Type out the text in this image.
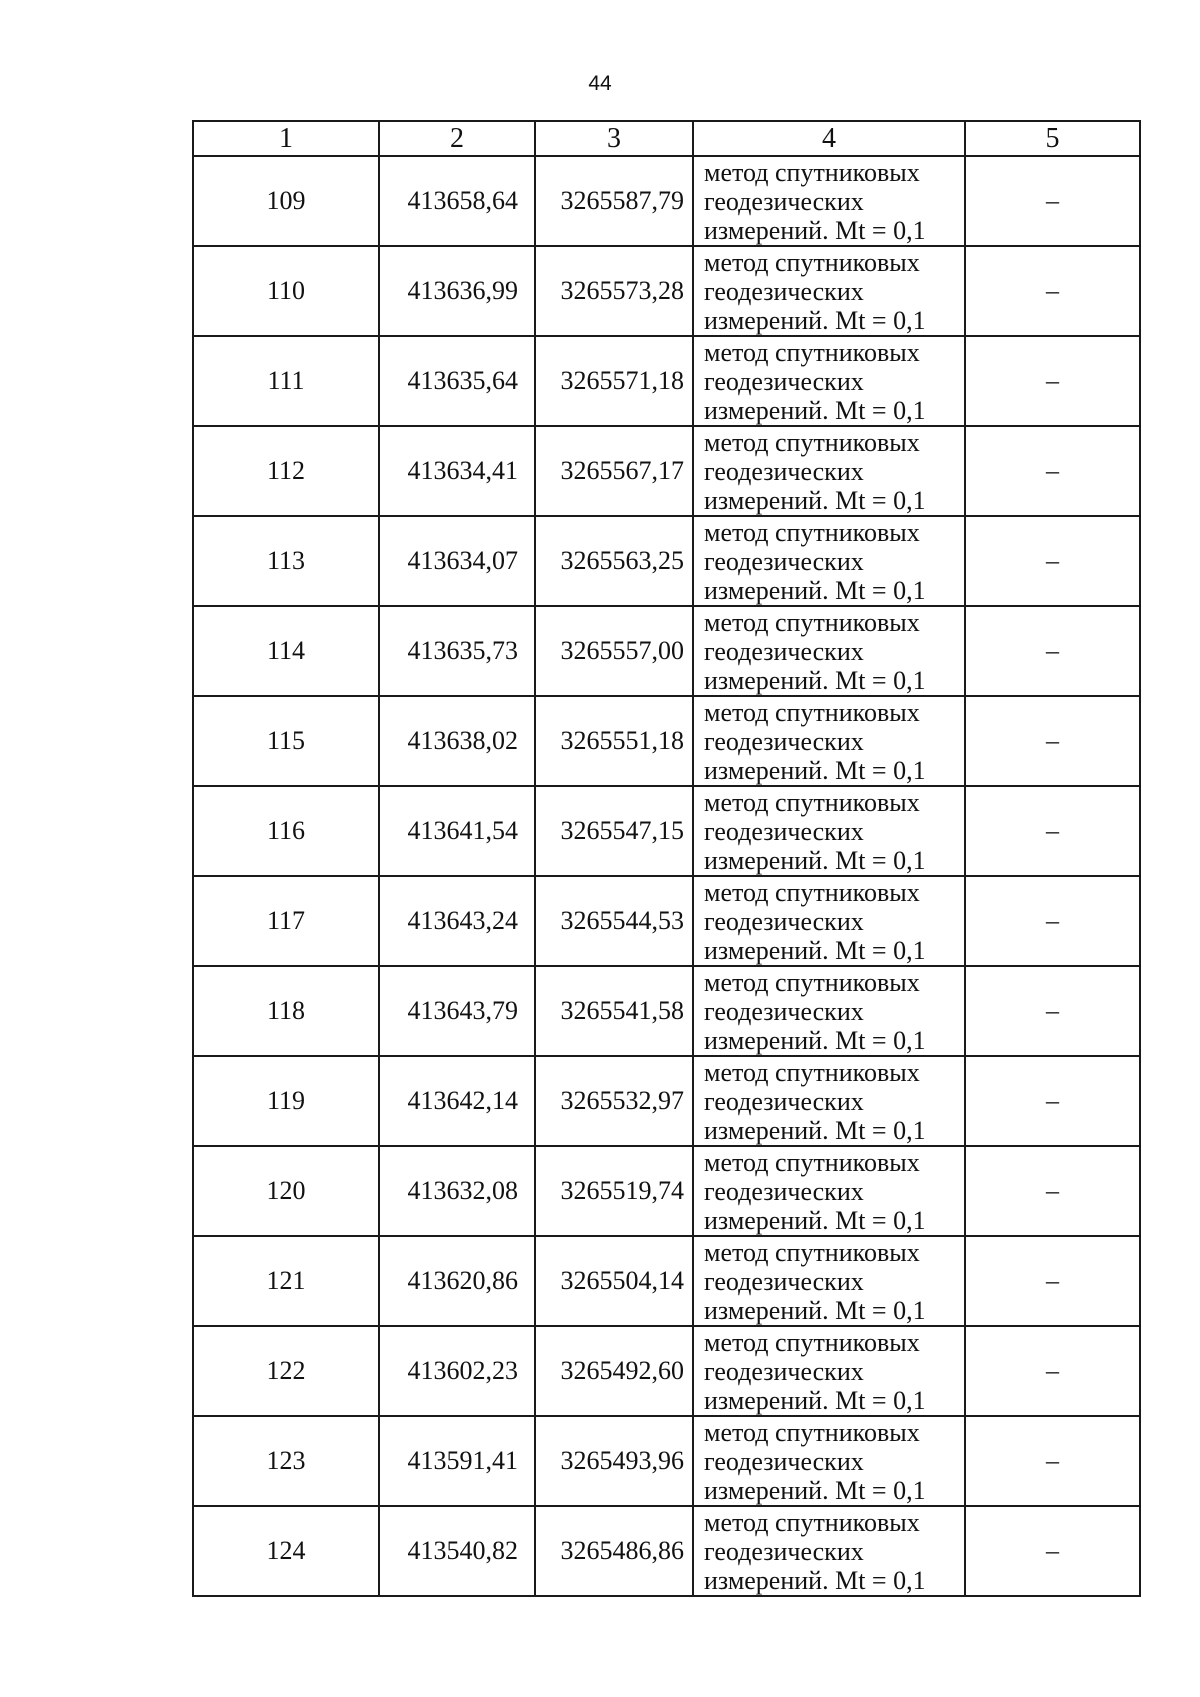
44
1	2	3	4	5
109	413658,64	3265587,79	метод спутниковых
геодезических
измерений. Mt = 0,1	–
110	413636,99	3265573,28	метод спутниковых
геодезических
измерений. Mt = 0,1	–
111	413635,64	3265571,18	метод спутниковых
геодезических
измерений. Mt = 0,1	–
112	413634,41	3265567,17	метод спутниковых
геодезических
измерений. Mt = 0,1	–
113	413634,07	3265563,25	метод спутниковых
геодезических
измерений. Mt = 0,1	–
114	413635,73	3265557,00	метод спутниковых
геодезических
измерений. Mt = 0,1	–
115	413638,02	3265551,18	метод спутниковых
геодезических
измерений. Mt = 0,1	–
116	413641,54	3265547,15	метод спутниковых
геодезических
измерений. Mt = 0,1	–
117	413643,24	3265544,53	метод спутниковых
геодезических
измерений. Mt = 0,1	–
118	413643,79	3265541,58	метод спутниковых
геодезических
измерений. Mt = 0,1	–
119	413642,14	3265532,97	метод спутниковых
геодезических
измерений. Mt = 0,1	–
120	413632,08	3265519,74	метод спутниковых
геодезических
измерений. Mt = 0,1	–
121	413620,86	3265504,14	метод спутниковых
геодезических
измерений. Mt = 0,1	–
122	413602,23	3265492,60	метод спутниковых
геодезических
измерений. Mt = 0,1	–
123	413591,41	3265493,96	метод спутниковых
геодезических
измерений. Mt = 0,1	–
124	413540,82	3265486,86	метод спутниковых
геодезических
измерений. Mt = 0,1	–
